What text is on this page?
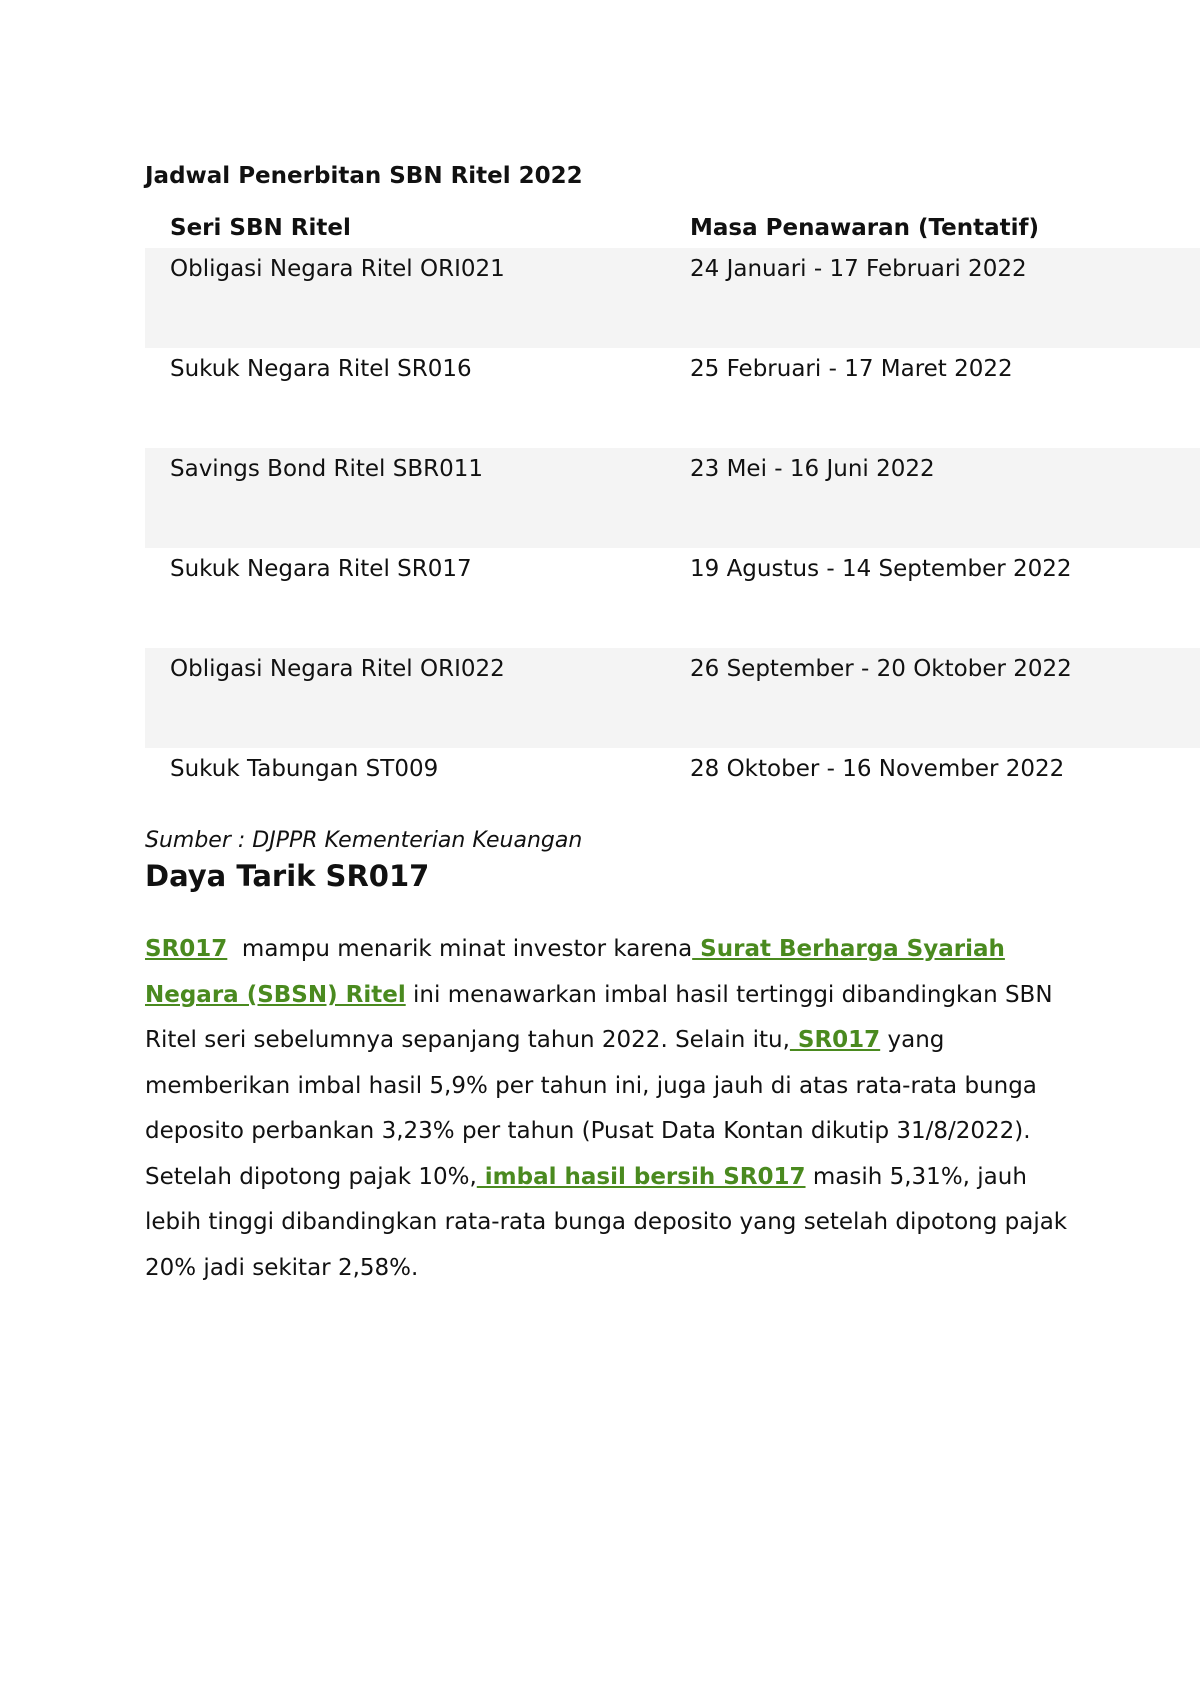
Jadwal Penerbitan SBN Ritel 2022
Seri SBN Ritel	Masa Penawaran (Tentatif)
Obligasi Negara Ritel ORI021	24 Januari - 17 Februari 2022
Sukuk Negara Ritel SR016	25 Februari - 17 Maret 2022
Savings Bond Ritel SBR011	23 Mei - 16 Juni 2022
Sukuk Negara Ritel SR017	19 Agustus - 14 September 2022
Obligasi Negara Ritel ORI022	26 September - 20 Oktober 2022
Sukuk Tabungan ST009	28 Oktober - 16 November 2022

Sumber : DJPPR Kementerian Keuangan

Daya Tarik SR017

SR017  mampu menarik minat investor karena Surat Berharga Syariah Negara (SBSN) Ritel ini menawarkan imbal hasil tertinggi dibandingkan SBN Ritel seri sebelumnya sepanjang tahun 2022. Selain itu, SR017 yang memberikan imbal hasil 5,9% per tahun ini, juga jauh di atas rata-rata bunga deposito perbankan 3,23% per tahun (Pusat Data Kontan dikutip 31/8/2022).

Setelah dipotong pajak 10%, imbal hasil bersih SR017 masih 5,31%, jauh lebih tinggi dibandingkan rata-rata bunga deposito yang setelah dipotong pajak 20% jadi sekitar 2,58%.
